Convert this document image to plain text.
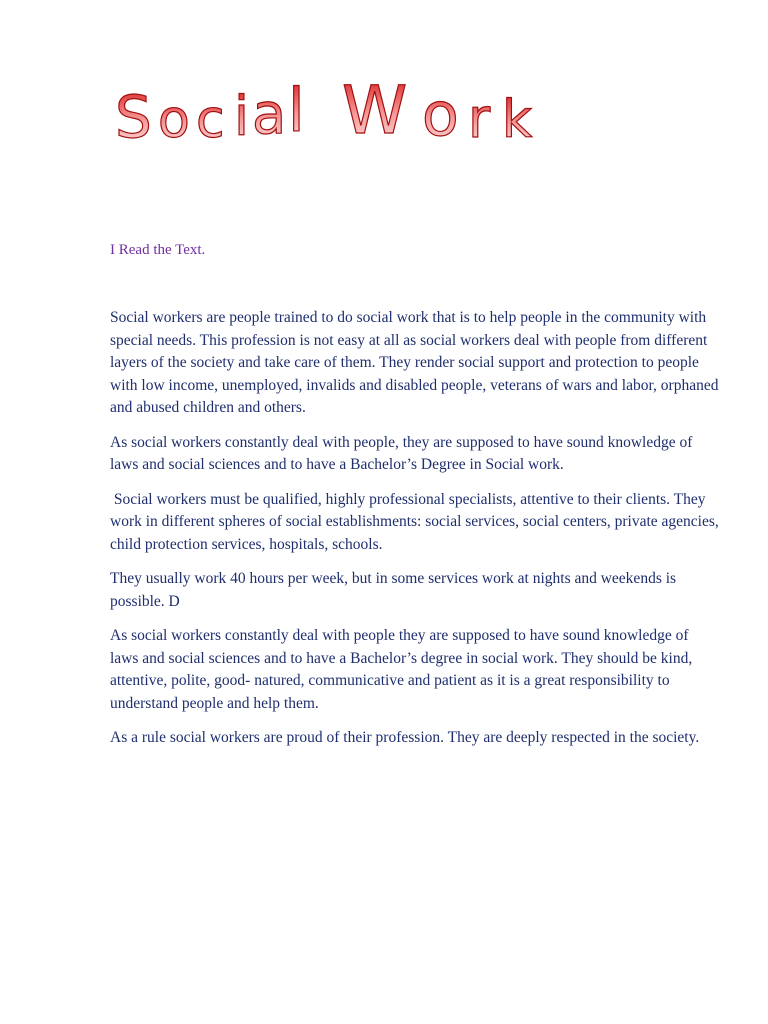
S o c i a l W o r k

I Read the Text.

Social workers are people trained to do social work that is to help people in the community with special needs. This profession is not easy at all as social workers deal with people from different layers of the society and take care of them. They render social support and protection to people with low income, unemployed, invalids and disabled people, veterans of wars and labor, orphaned and abused children and others.

As social workers constantly deal with people, they are supposed to have sound knowledge of laws and social sciences and to have a Bachelor’s Degree in Social work.

Social workers must be qualified, highly professional specialists, attentive to their clients. They work in different spheres of social establishments: social services, social centers, private agencies, child protection services, hospitals, schools.

They usually work 40 hours per week, but in some services work at nights and weekends is possible. D

As social workers constantly deal with people they are supposed to have sound knowledge of laws and social sciences and to have a Bachelor’s degree in social work. They should be kind, attentive, polite, good- natured, communicative and patient as it is a great responsibility to understand people and help them.

As a rule social workers are proud of their profession. They are deeply respected in the society.
